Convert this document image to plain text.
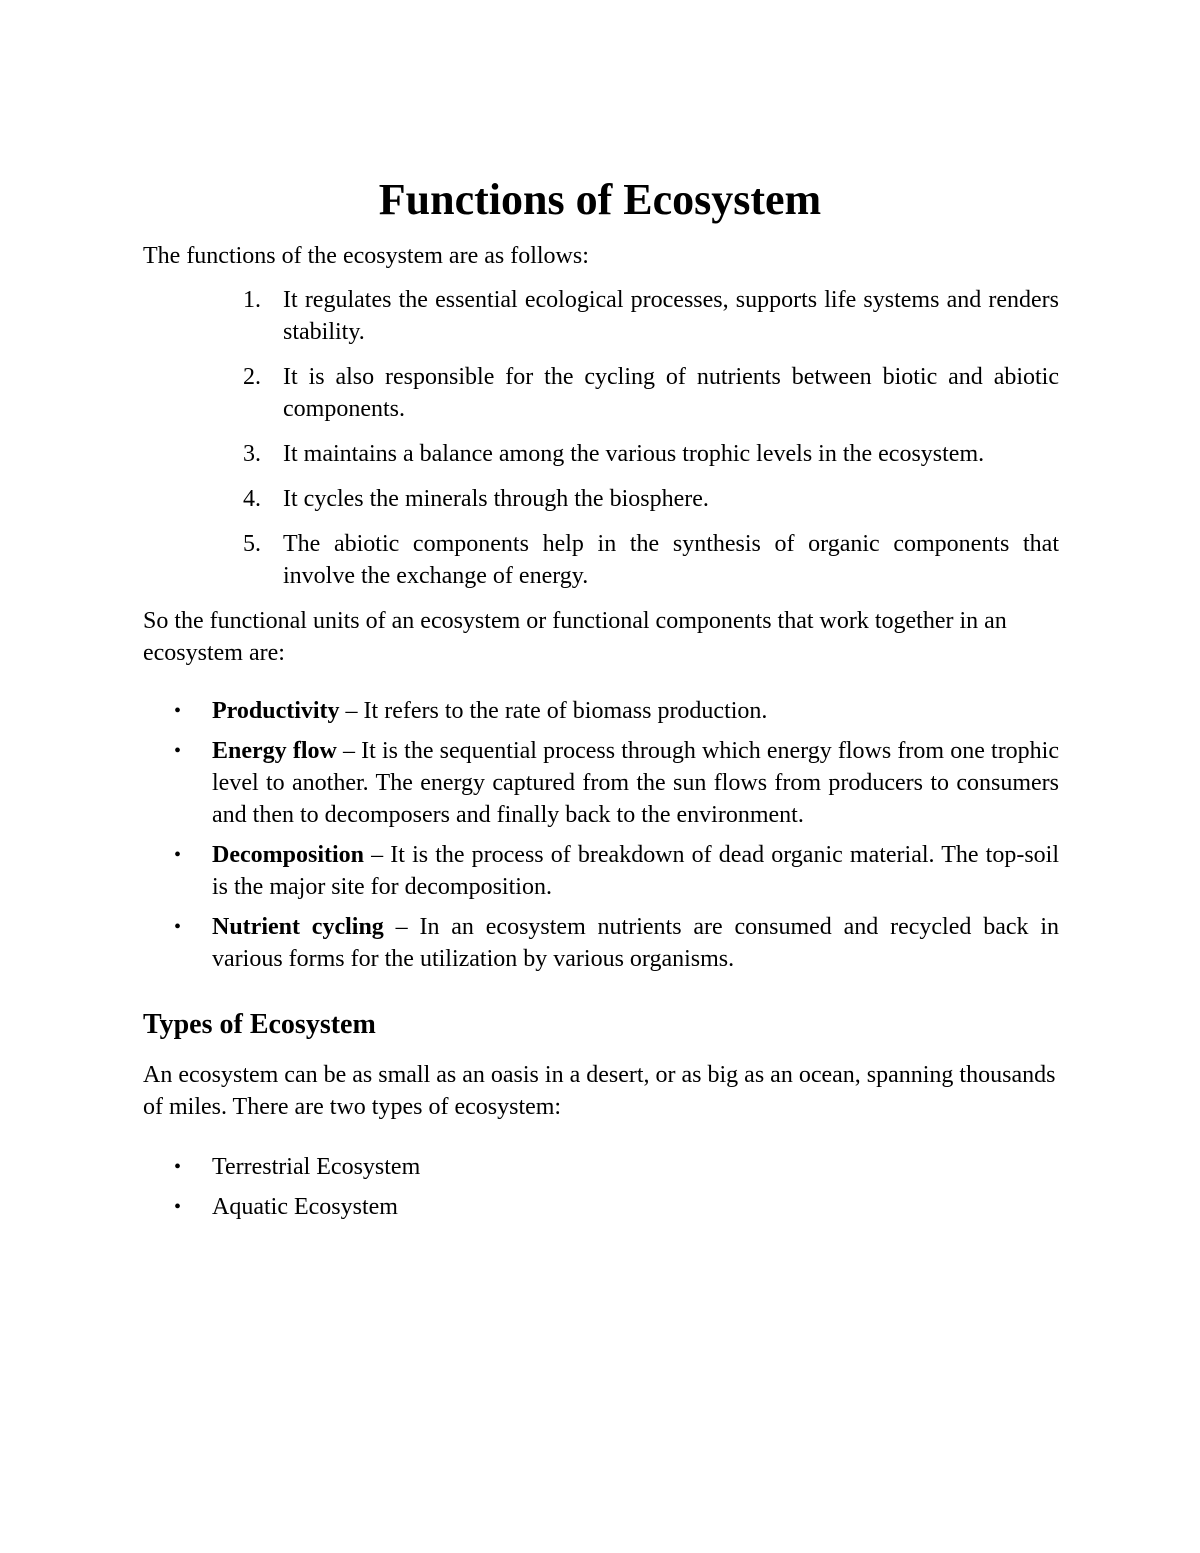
Functions of Ecosystem

The functions of the ecosystem are as follows:

1. It regulates the essential ecological processes, supports life systems and renders stability.
2. It is also responsible for the cycling of nutrients between biotic and abiotic components.
3. It maintains a balance among the various trophic levels in the ecosystem.
4. It cycles the minerals through the biosphere.
5. The abiotic components help in the synthesis of organic components that involve the exchange of energy.

So the functional units of an ecosystem or functional components that work together in an ecosystem are:

• Productivity – It refers to the rate of biomass production.
• Energy flow – It is the sequential process through which energy flows from one trophic level to another. The energy captured from the sun flows from producers to consumers and then to decomposers and finally back to the environment.
• Decomposition – It is the process of breakdown of dead organic material. The top-soil is the major site for decomposition.
• Nutrient cycling – In an ecosystem nutrients are consumed and recycled back in various forms for the utilization by various organisms.
Types of Ecosystem

An ecosystem can be as small as an oasis in a desert, or as big as an ocean, spanning thousands of miles. There are two types of ecosystem:

• Terrestrial Ecosystem
• Aquatic Ecosystem
